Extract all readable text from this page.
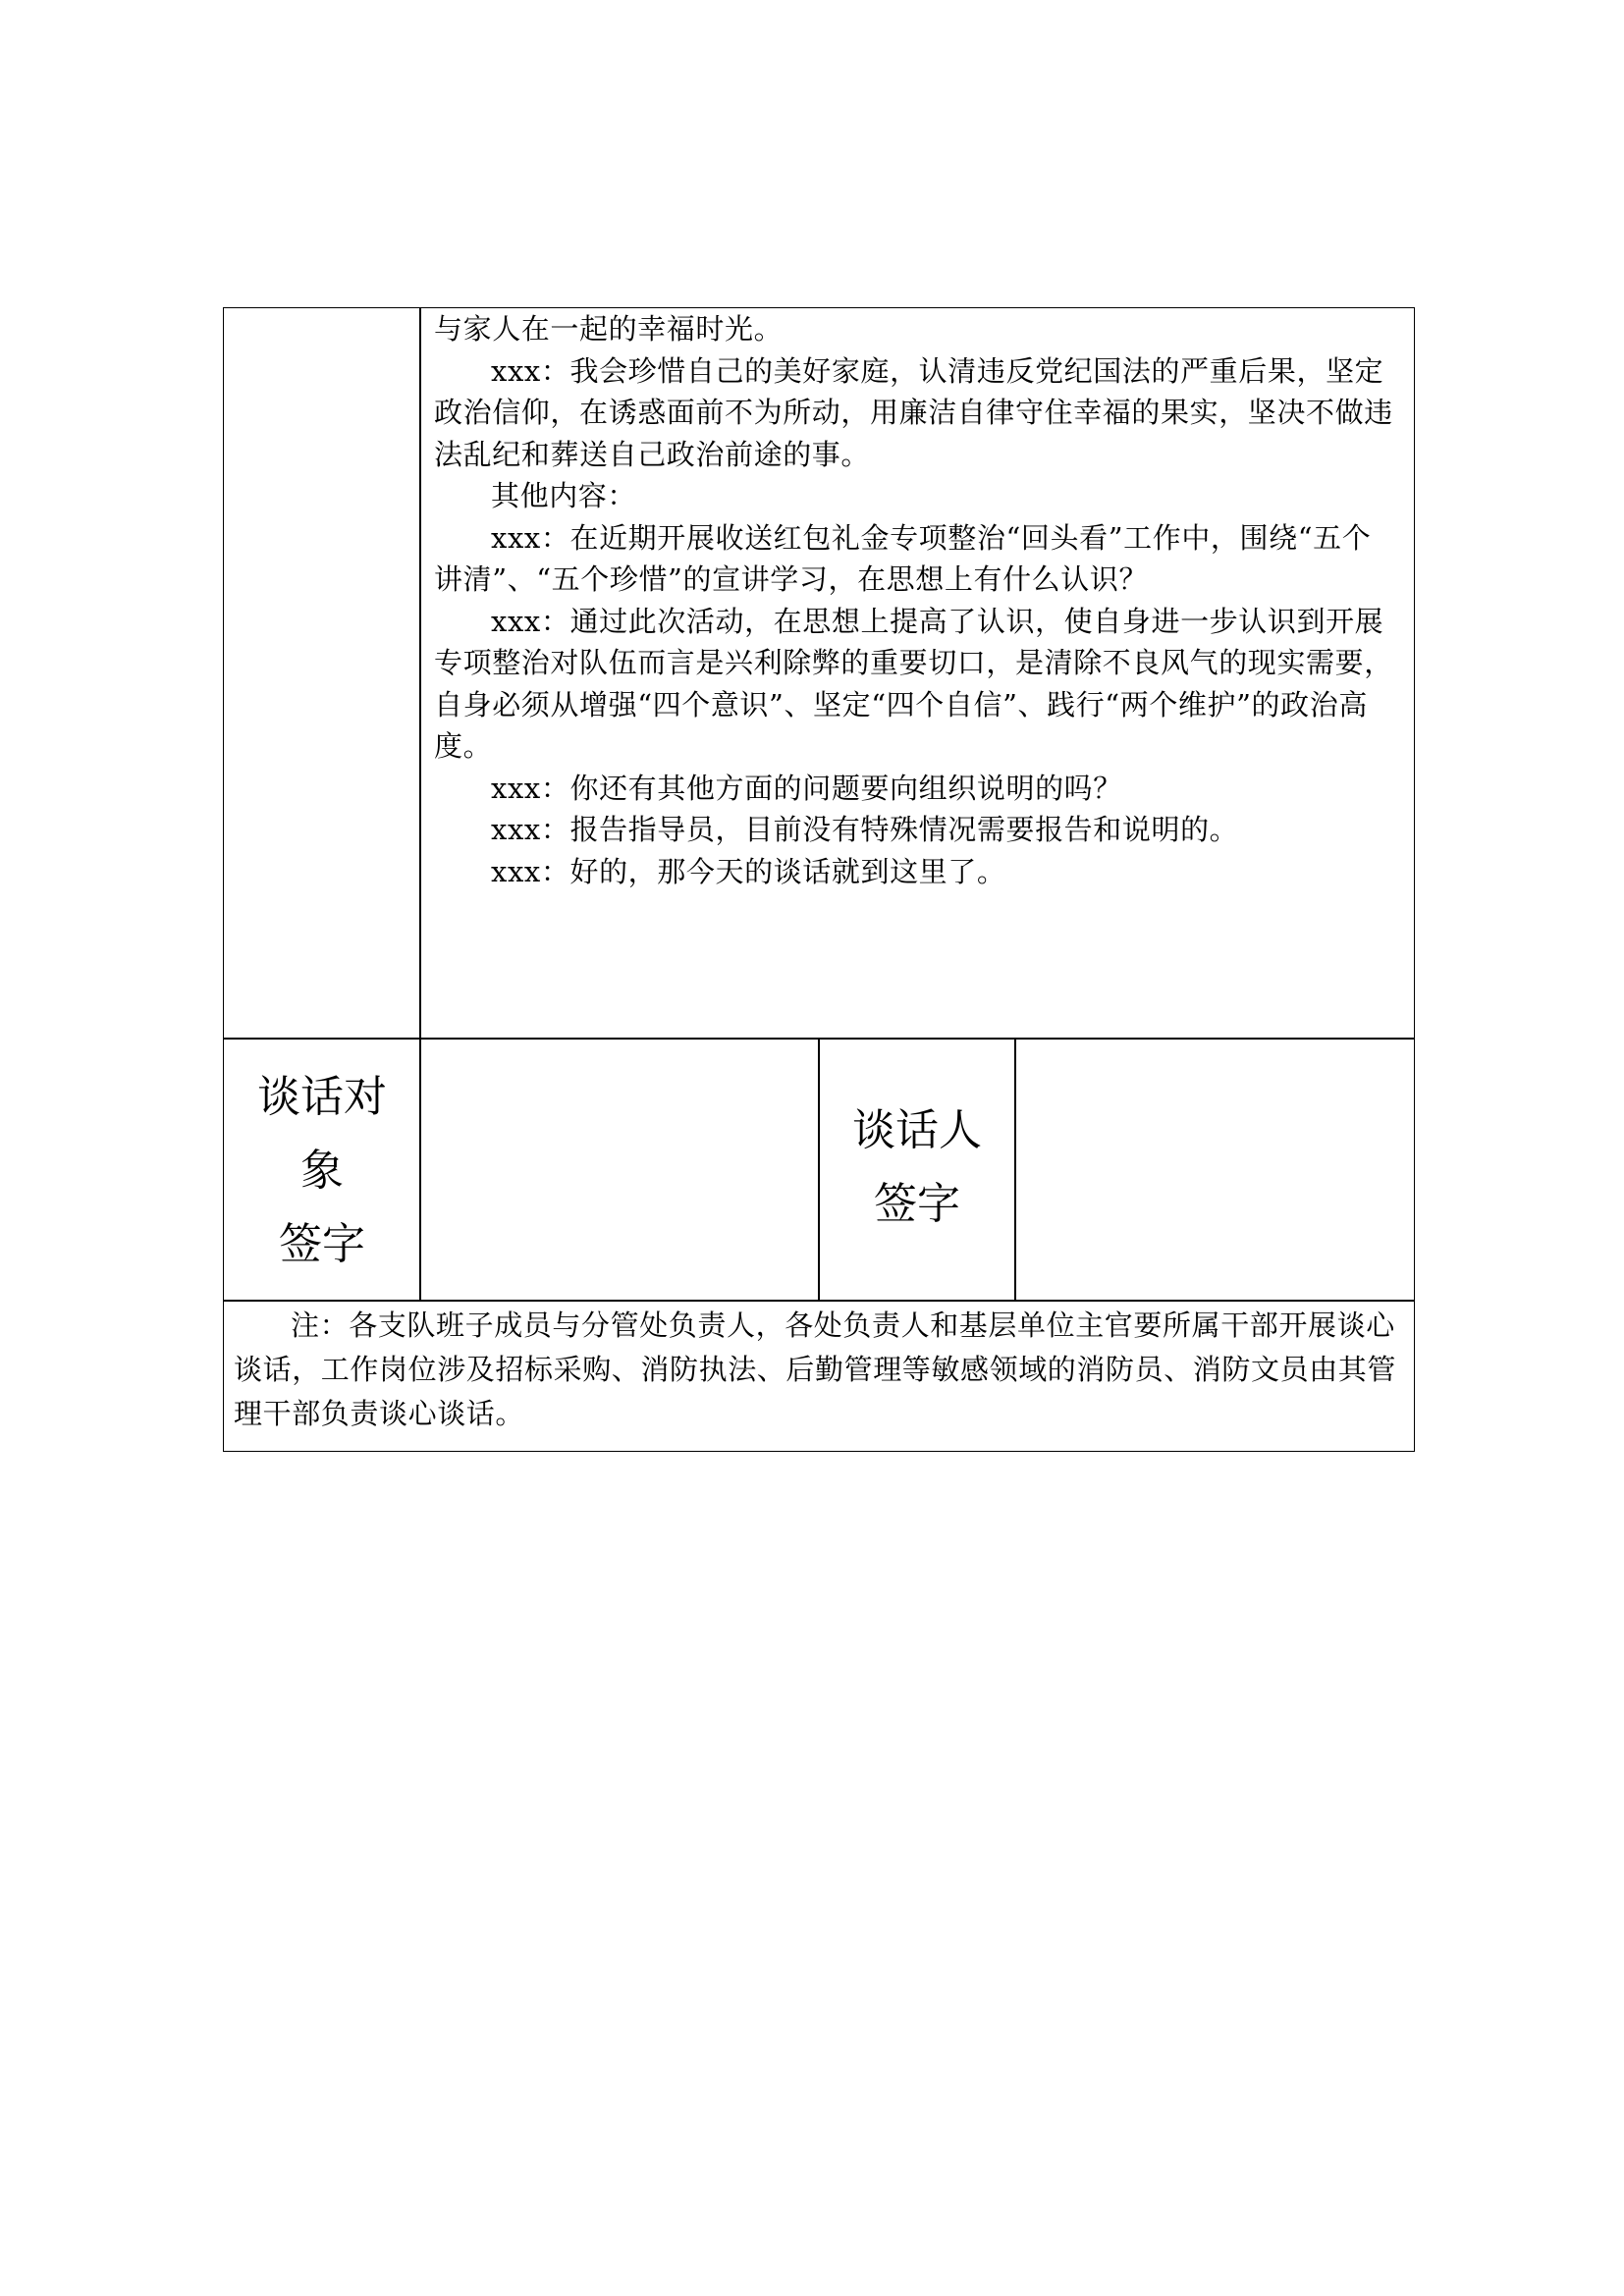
与家人在一起的幸福时光。

xxx：我会珍惜自己的美好家庭，认清违反党纪国法的严重后果，坚定政治信仰，在诱惑面前不为所动，用廉洁自律守住幸福的果实，坚决不做违法乱纪和葬送自己政治前途的事。

其他内容：

xxx：在近期开展收送红包礼金专项整治“回头看”工作中，围绕“五个讲清”、“五个珍惜”的宣讲学习，在思想上有什么认识？

xxx：通过此次活动，在思想上提高了认识，使自身进一步认识到开展专项整治对队伍而言是兴利除弊的重要切口，是清除不良风气的现实需要，自身必须从增强“四个意识”、坚定“四个自信”、践行“两个维护”的政治高度。

xxx：你还有其他方面的问题要向组织说明的吗？

xxx：报告指导员，目前没有特殊情况需要报告和说明的。

xxx：好的，那今天的谈话就到这里了。

谈话对
象
签字
谈话人
签字

注：各支队班子成员与分管处负责人，各处负责人和基层单位主官要所属干部开展谈心谈话，工作岗位涉及招标采购、消防执法、后勤管理等敏感领域的消防员、消防文员由其管理干部负责谈心谈话。
